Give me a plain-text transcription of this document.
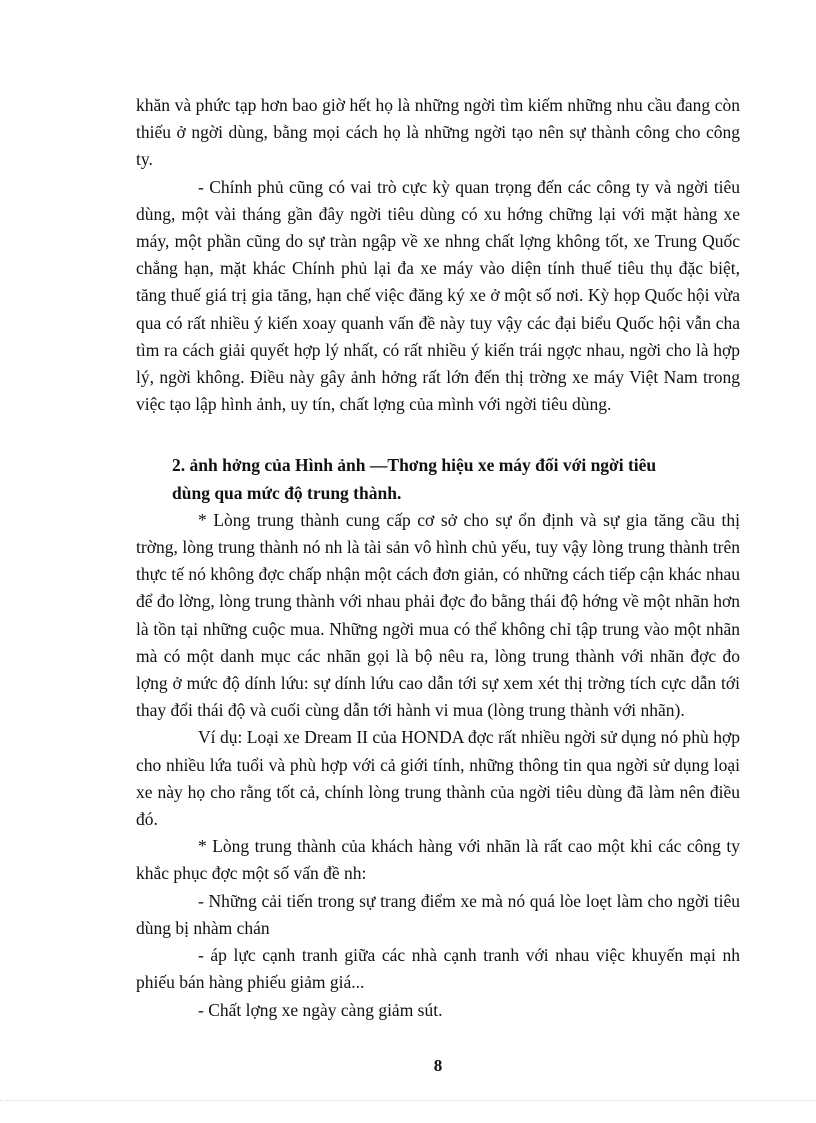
khăn và phức tạp hơn bao giờ hết họ là những ngời tìm kiếm những nhu cầu đang còn thiếu ở ngời dùng, bằng mọi cách họ là những ngời tạo nên sự thành công cho công ty.

- Chính phủ cũng có vai trò cực kỳ quan trọng đến các công ty và ngời tiêu dùng, một vài tháng gần đây ngời tiêu dùng có xu hớng chững lại với mặt hàng xe máy, một phần cũng do sự tràn ngập về xe nhng chất lợng không tốt, xe Trung Quốc chẳng hạn, mặt khác Chính phủ lại đa xe máy vào diện tính thuế tiêu thụ đặc biệt, tăng thuế giá trị gia tăng, hạn chế việc đăng ký xe ở một số nơi. Kỳ họp Quốc hội vừa qua có rất nhiều ý kiến xoay quanh vấn đề này tuy vậy các đại biểu Quốc hội vẫn cha tìm ra cách giải quyết hợp lý nhất, có rất nhiều ý kiến trái ngợc nhau, ngời cho là hợp lý, ngời không. Điều này gây ảnh hởng rất lớn đến thị trờng xe máy Việt Nam trong việc tạo lập hình ảnh, uy tín, chất lợng của mình với ngời tiêu dùng.

2. ảnh hởng của Hình ảnh —Thơng hiệu xe máy đối với ngời tiêu
dùng qua mức độ trung thành.

* Lòng trung thành cung cấp cơ sở cho sự ổn định và sự gia tăng cầu thị trờng, lòng trung thành nó nh là tài sản vô hình chủ yếu, tuy vậy lòng trung thành trên thực tế nó không đợc chấp nhận một cách đơn giản, có những cách tiếp cận khác nhau để đo lờng, lòng trung thành với nhau phải đợc đo bằng thái độ hớng về một nhãn hơn là tồn tại những cuộc mua. Những ngời mua có thể không chỉ tập trung vào một nhãn mà có một danh mục các nhãn gọi là bộ nêu ra, lòng trung thành với nhãn đợc đo lợng ở mức độ dính lứu: sự dính lứu cao dẫn tới sự xem xét thị trờng tích cực dẫn tới thay đổi thái độ và cuối cùng dẫn tới hành vi mua (lòng trung thành với nhãn).

Ví dụ: Loại xe Dream II của HONDA đợc rất nhiều ngời sử dụng nó phù hợp cho nhiều lứa tuổi và phù hợp với cả giới tính, những thông tin qua ngời sử dụng loại xe này họ cho rằng tốt cả, chính lòng trung thành của ngời tiêu dùng đã làm nên điều đó.

* Lòng trung thành của khách hàng với nhãn là rất cao một khi các công ty khắc phục đợc một số vấn đề nh:

- Những cải tiến trong sự trang điểm xe mà nó quá lòe loẹt làm cho ngời tiêu dùng bị nhàm chán

- áp lực cạnh tranh giữa các nhà cạnh tranh với nhau việc khuyến mại nh phiếu bán hàng phiếu giảm giá...

- Chất lợng xe ngày càng giảm sút.

8
